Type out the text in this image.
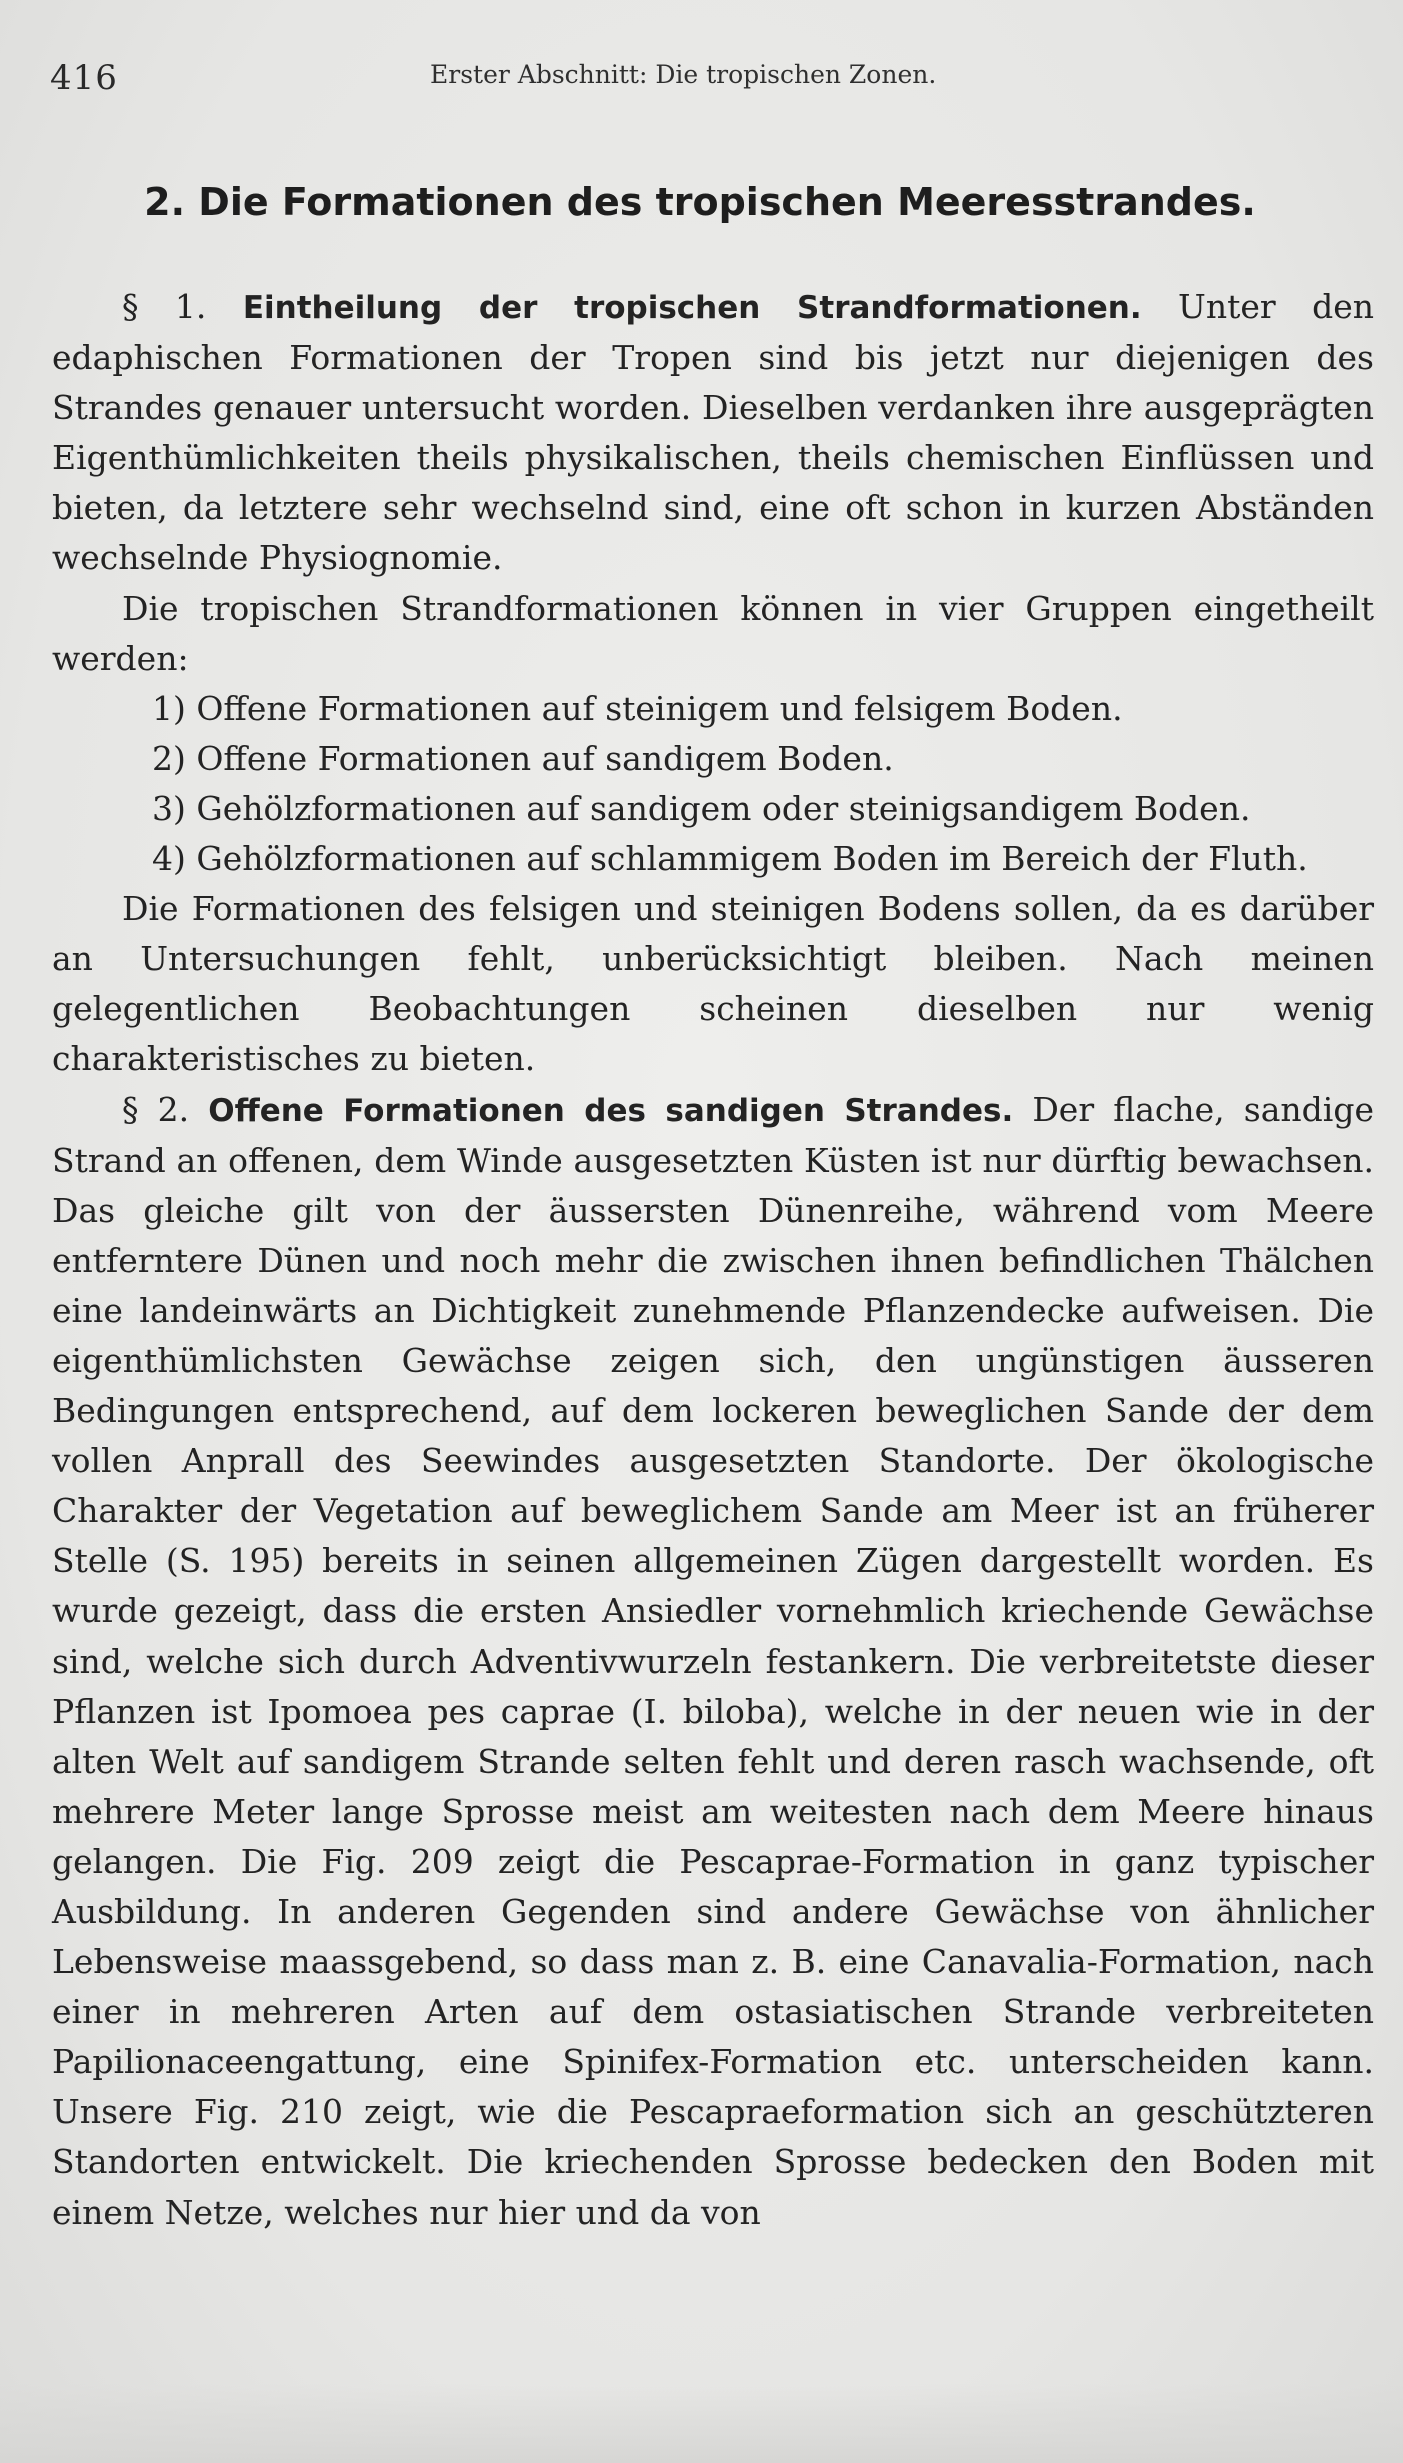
416	Erster Abschnitt: Die tropischen Zonen.
2. Die Formationen des tropischen Meeresstrandes.

§ 1. Eintheilung der tropischen Strandformationen. Unter den edaphischen Formationen der Tropen sind bis jetzt nur diejenigen des Strandes genauer untersucht worden. Dieselben verdanken ihre ausgeprägten Eigenthümlichkeiten theils physikalischen, theils chemischen Einflüssen und bieten, da letztere sehr wechselnd sind, eine oft schon in kurzen Abständen wechselnde Physiognomie.

Die tropischen Strandformationen können in vier Gruppen eingetheilt werden:

1) Offene Formationen auf steinigem und felsigem Boden.

2) Offene Formationen auf sandigem Boden.

3) Gehölzformationen auf sandigem oder steinigsandigem Boden.

4) Gehölzformationen auf schlammigem Boden im Bereich der Fluth.

Die Formationen des felsigen und steinigen Bodens sollen, da es darüber an Untersuchungen fehlt, unberücksichtigt bleiben. Nach meinen gelegentlichen Beobachtungen scheinen dieselben nur wenig charakteristisches zu bieten.

§ 2. Offene Formationen des sandigen Strandes. Der flache, sandige Strand an offenen, dem Winde ausgesetzten Küsten ist nur dürftig bewachsen. Das gleiche gilt von der äussersten Dünenreihe, während vom Meere entferntere Dünen und noch mehr die zwischen ihnen befindlichen Thälchen eine landeinwärts an Dichtigkeit zunehmende Pflanzendecke aufweisen. Die eigenthümlichsten Gewächse zeigen sich, den ungünstigen äusseren Bedingungen entsprechend, auf dem lockeren beweglichen Sande der dem vollen Anprall des Seewindes ausgesetzten Standorte. Der ökologische Charakter der Vegetation auf beweglichem Sande am Meer ist an früherer Stelle (S. 195) bereits in seinen allgemeinen Zügen dargestellt worden. Es wurde gezeigt, dass die ersten Ansiedler vornehmlich kriechende Gewächse sind, welche sich durch Adventivwurzeln festankern. Die verbreitetste dieser Pflanzen ist Ipomoea pes caprae (I. biloba), welche in der neuen wie in der alten Welt auf sandigem Strande selten fehlt und deren rasch wachsende, oft mehrere Meter lange Sprosse meist am weitesten nach dem Meere hinaus gelangen. Die Fig. 209 zeigt die Pescaprae-Formation in ganz typischer Ausbildung. In anderen Gegenden sind andere Gewächse von ähnlicher Lebensweise maassgebend, so dass man z. B. eine Canavalia-Formation, nach einer in mehreren Arten auf dem ostasiatischen Strande verbreiteten Papilionaceengattung, eine Spinifex-Formation etc. unterscheiden kann. Unsere Fig. 210 zeigt, wie die Pescapraeformation sich an geschützteren Standorten entwickelt. Die kriechenden Sprosse bedecken den Boden mit einem Netze, welches nur hier und da von
